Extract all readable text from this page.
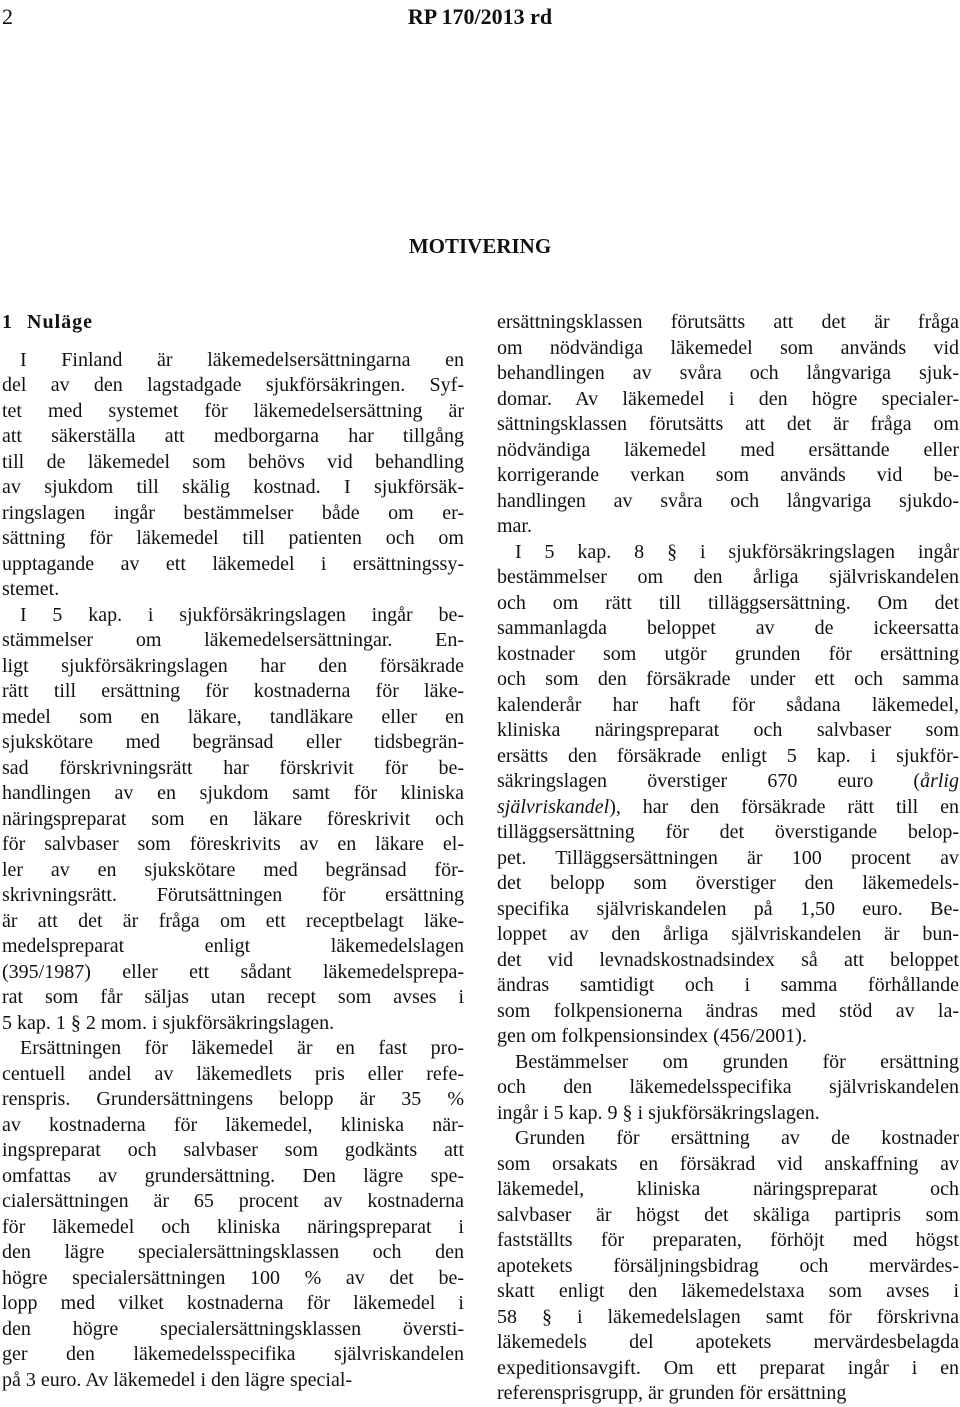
2	RP 170/2013 rd
MOTIVERING
1 Nuläge
I Finland är läkemedelsersättningarna en
del av den lagstadgade sjukförsäkringen. Syf-
tet med systemet för läkemedelsersättning är
att säkerställa att medborgarna har tillgång
till de läkemedel som behövs vid behandling
av sjukdom till skälig kostnad. I sjukförsäk-
ringslagen ingår bestämmelser både om er-
sättning för läkemedel till patienten och om
upptagande av ett läkemedel i ersättningssy-
stemet.
I 5 kap. i sjukförsäkringslagen ingår be-
stämmelser om läkemedelsersättningar. En-
ligt sjukförsäkringslagen har den försäkrade
rätt till ersättning för kostnaderna för läke-
medel som en läkare, tandläkare eller en
sjukskötare med begränsad eller tidsbegrän-
sad förskrivningsrätt har förskrivit för be-
handlingen av en sjukdom samt för kliniska
näringspreparat som en läkare föreskrivit och
för salvbaser som föreskrivits av en läkare el-
ler av en sjukskötare med begränsad för-
skrivningsrätt. Förutsättningen för ersättning
är att det är fråga om ett receptbelagt läke-
medelspreparat enligt läkemedelslagen
(395/1987) eller ett sådant läkemedelsprepa-
rat som får säljas utan recept som avses i
5 kap. 1 § 2 mom. i sjukförsäkringslagen.
Ersättningen för läkemedel är en fast pro-
centuell andel av läkemedlets pris eller refe-
renspris. Grundersättningens belopp är 35 %
av kostnaderna för läkemedel, kliniska när-
ingspreparat och salvbaser som godkänts att
omfattas av grundersättning. Den lägre spe-
cialersättningen är 65 procent av kostnaderna
för läkemedel och kliniska näringspreparat i
den lägre specialersättningsklassen och den
högre specialersättningen 100 % av det be-
lopp med vilket kostnaderna för läkemedel i
den högre specialersättningsklassen översti-
ger den läkemedelsspecifika självriskandelen
på 3 euro. Av läkemedel i den lägre special-
ersättningsklassen förutsätts att det är fråga
om nödvändiga läkemedel som används vid
behandlingen av svåra och långvariga sjuk-
domar. Av läkemedel i den högre specialer-
sättningsklassen förutsätts att det är fråga om
nödvändiga läkemedel med ersättande eller
korrigerande verkan som används vid be-
handlingen av svåra och långvariga sjukdo-
mar.
I 5 kap. 8 § i sjukförsäkringslagen ingår
bestämmelser om den årliga självriskandelen
och om rätt till tilläggsersättning. Om det
sammanlagda beloppet av de ickeersatta
kostnader som utgör grunden för ersättning
och som den försäkrade under ett och samma
kalenderår har haft för sådana läkemedel,
kliniska näringspreparat och salvbaser som
ersätts den försäkrade enligt 5 kap. i sjukför-
säkringslagen överstiger 670 euro (årlig
självriskandel), har den försäkrade rätt till en
tilläggsersättning för det överstigande belop-
pet. Tilläggsersättningen är 100 procent av
det belopp som överstiger den läkemedels-
specifika självriskandelen på 1,50 euro. Be-
loppet av den årliga självriskandelen är bun-
det vid levnadskostnadsindex så att beloppet
ändras samtidigt och i samma förhållande
som folkpensionerna ändras med stöd av la-
gen om folkpensionsindex (456/2001).
Bestämmelser om grunden för ersättning
och den läkemedelsspecifika självriskandelen
ingår i 5 kap. 9 § i sjukförsäkringslagen.
Grunden för ersättning av de kostnader
som orsakats en försäkrad vid anskaffning av
läkemedel, kliniska näringspreparat och
salvbaser är högst det skäliga partipris som
fastställts för preparaten, förhöjt med högst
apotekets försäljningsbidrag och mervärdes-
skatt enligt den läkemedelstaxa som avses i
58 § i läkemedelslagen samt för förskrivna
läkemedels del apotekets mervärdesbelagda
expeditionsavgift. Om ett preparat ingår i en
referensprisgrupp, är grunden för ersättning
